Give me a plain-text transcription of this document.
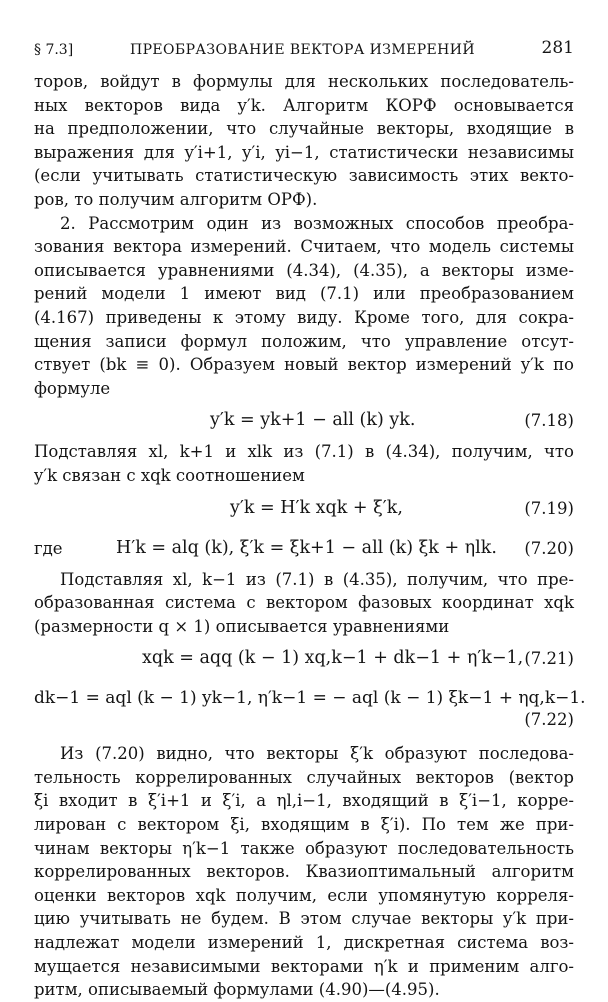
§ 7.3]	ПРЕОБРАЗОВАНИЕ ВЕКТОРА ИЗМЕРЕНИЙ	281

торов, войдут в формулы для нескольких последователь-

ных векторов вида y′k. Алгоритм КОРФ основывается

на предположении, что случайные векторы, входящие в

выражения для y′i+1, y′i, yi−1, статистически независимы

(если учитывать статистическую зависимость этих векто-

ров, то получим алгоритм ОРФ).

2. Рассмотрим один из возможных способов преобра-

зования вектора измерений. Считаем, что модель системы

описывается уравнениями (4.34), (4.35), а векторы изме-

рений модели 1 имеют вид (7.1) или преобразованием

(4.167) приведены к этому виду. Кроме того, для сокра-

щения записи формул положим, что управление отсут-

ствует (bk ≡ 0). Образуем новый вектор измерений y′k по

формуле

y′k = yk+1 − all (k) yk.	(7.18)

Подставляя xl, k+1 и xlk из (7.1) в (4.34), получим, что

y′k связан с xqk соотношением

y′k = H′k xqk + ξ′k,	(7.19)
где	H′k = alq (k), ξ′k = ξk+1 − all (k) ξk + ηlk. (7.20)

Подставляя xl, k−1 из (7.1) в (4.35), получим, что пре-

образованная система с вектором фазовых координат xqk

(размерности q × 1) описывается уравнениями

xqk = aqq (k − 1) xq,k−1 + dk−1 + η′k−1, (7.21)
dk−1 = aql (k − 1) yk−1, η′k−1 = − aql (k − 1) ξk−1 + ηq,k−1.
(7.22)

Из (7.20) видно, что векторы ξ′k образуют последова-

тельность коррелированных случайных векторов (вектор

ξi входит в ξ′i+1 и ξ′i, а ηl,i−1, входящий в ξ′i−1, корре-

лирован с вектором ξi, входящим в ξ′i). По тем же при-

чинам векторы η′k−1 также образуют последовательность

коррелированных векторов. Квазиоптимальный алгоритм

оценки векторов xqk получим, если упомянутую корреля-

цию учитывать не будем. В этом случае векторы y′k при-

надлежат модели измерений 1, дискретная система воз-

мущается независимыми векторами η′k и применим алго-

ритм, описываемый формулами (4.90)—(4.95).
